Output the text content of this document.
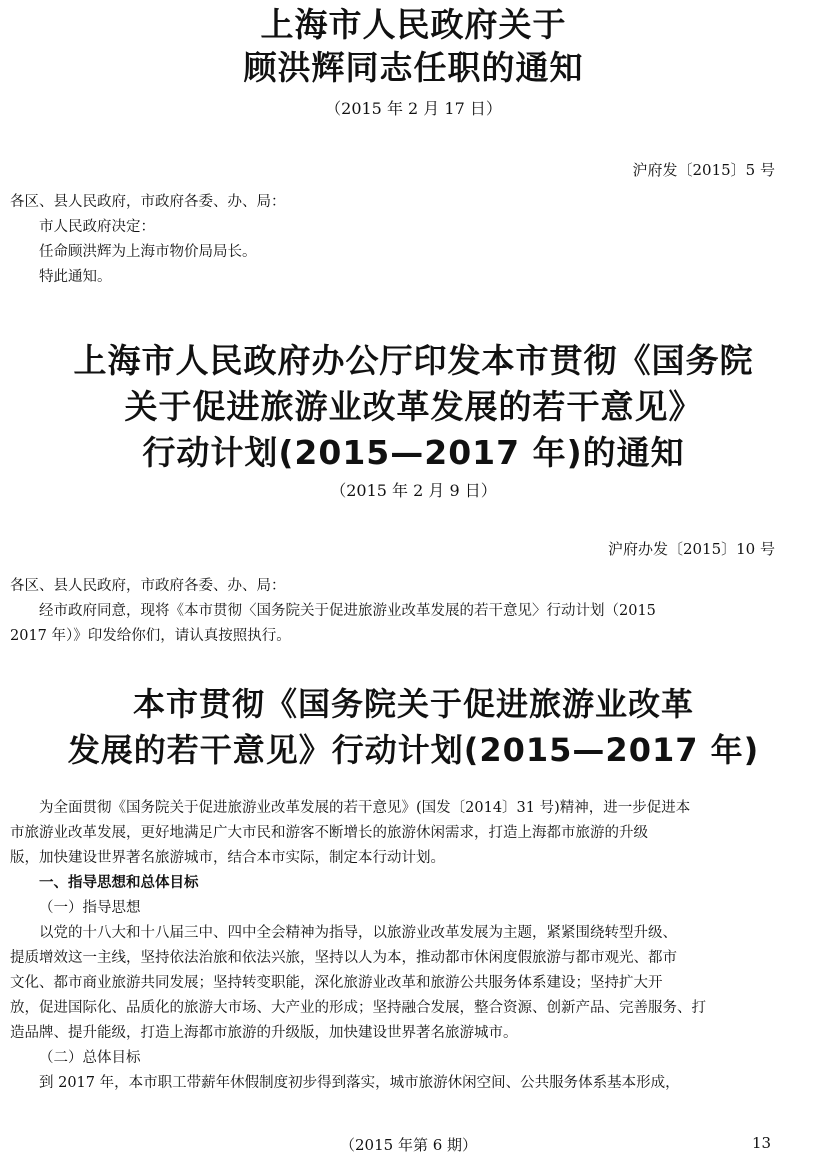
上海市人民政府关于
顾洪辉同志任职的通知
（2015 年 2 月 17 日）
沪府发〔2015〕5 号

各区、县人民政府，市政府各委、办、局：

市人民政府决定：

任命顾洪辉为上海市物价局局长。

特此通知。

上海市人民政府办公厅印发本市贯彻《国务院
关于促进旅游业改革发展的若干意见》
行动计划(2015—2017 年)的通知
（2015 年 2 月 9 日）
沪府办发〔2015〕10 号

各区、县人民政府，市政府各委、办、局：

经市政府同意，现将《本市贯彻〈国务院关于促进旅游业改革发展的若干意见〉行动计划（2015

2017 年）》印发给你们，请认真按照执行。

本市贯彻《国务院关于促进旅游业改革
发展的若干意见》行动计划(2015—2017 年)

为全面贯彻《国务院关于促进旅游业改革发展的若干意见》(国发〔2014〕31 号)精神，进一步促进本

市旅游业改革发展，更好地满足广大市民和游客不断增长的旅游休闲需求，打造上海都市旅游的升级

版，加快建设世界著名旅游城市，结合本市实际，制定本行动计划。

一、指导思想和总体目标

（一）指导思想

以党的十八大和十八届三中、四中全会精神为指导，以旅游业改革发展为主题，紧紧围绕转型升级、

提质增效这一主线，坚持依法治旅和依法兴旅，坚持以人为本，推动都市休闲度假旅游与都市观光、都市

文化、都市商业旅游共同发展；坚持转变职能，深化旅游业改革和旅游公共服务体系建设；坚持扩大开

放，促进国际化、品质化的旅游大市场、大产业的形成；坚持融合发展，整合资源、创新产品、完善服务、打

造品牌、提升能级，打造上海都市旅游的升级版，加快建设世界著名旅游城市。

（二）总体目标

到 2017 年，本市职工带薪年休假制度初步得到落实，城市旅游休闲空间、公共服务体系基本形成，

（2015 年第 6 期）	13
